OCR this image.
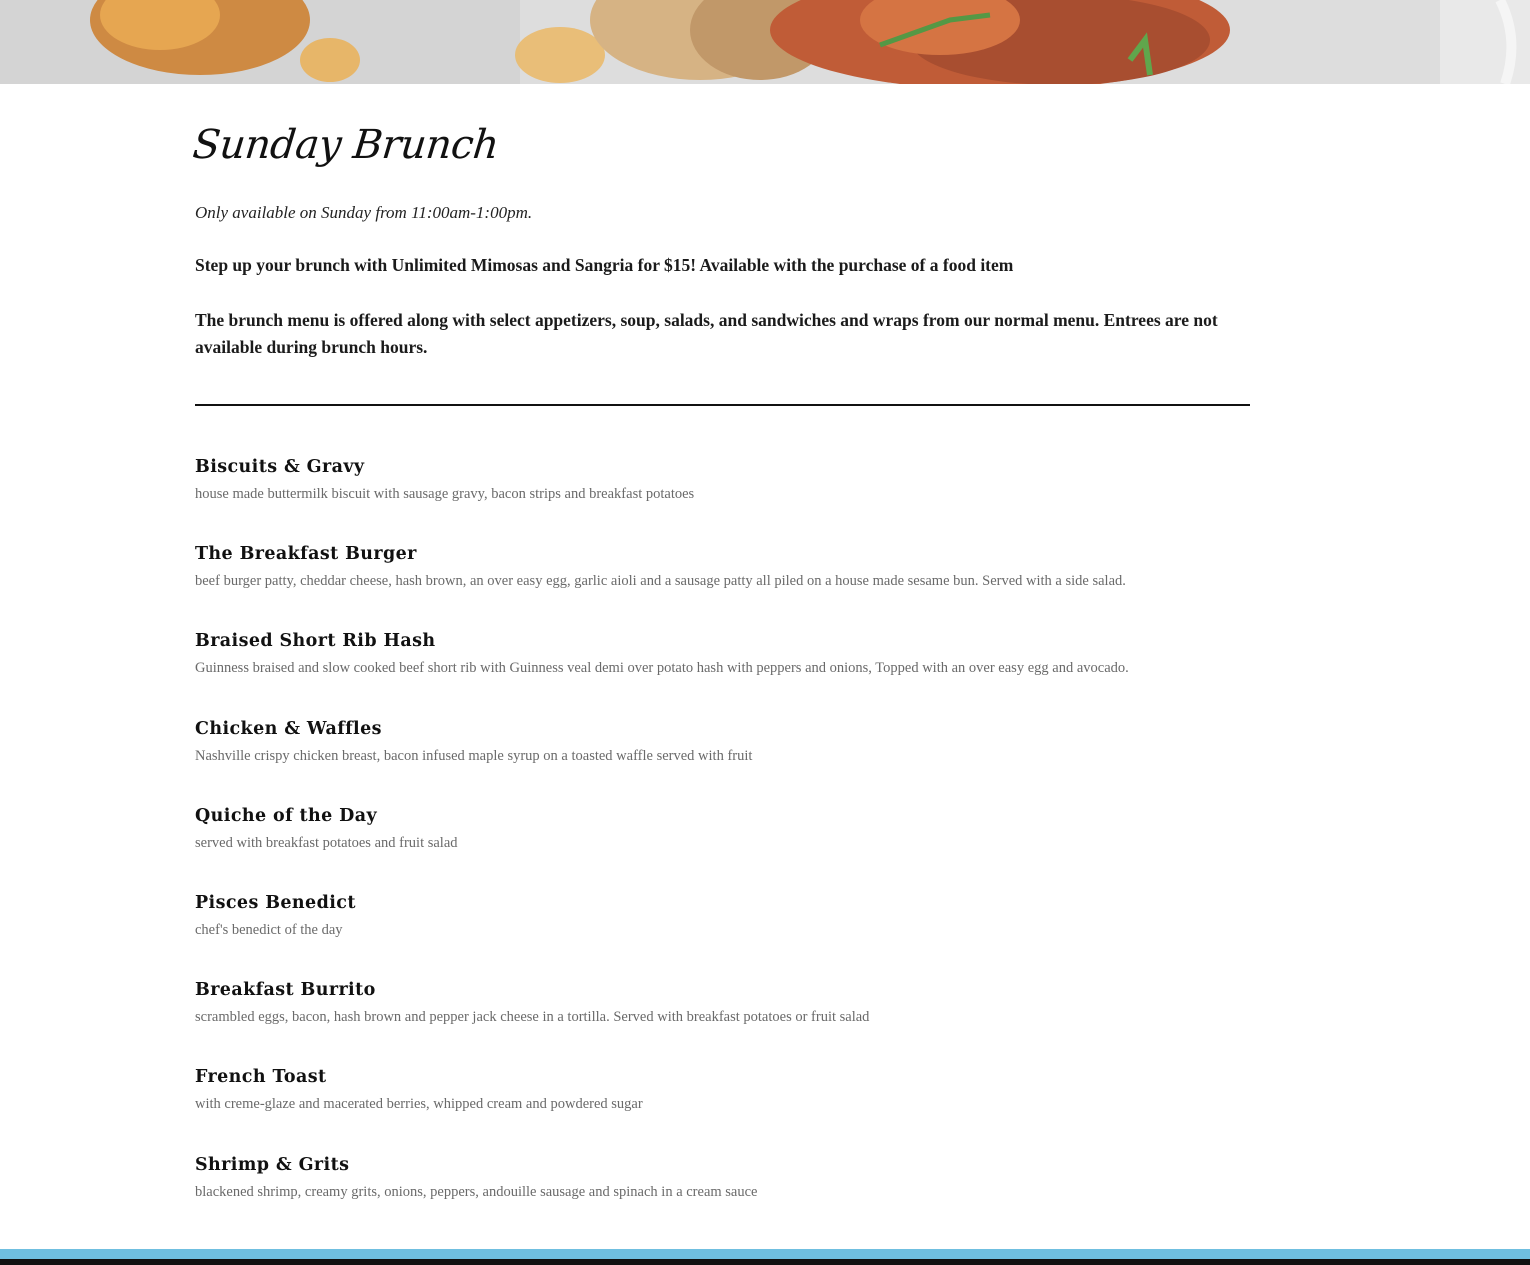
Sunday Brunch

Only available on Sunday from 11:00am-1:00pm.

Step up your brunch with Unlimited Mimosas and Sangria for $15! Available with the purchase of a food item

The brunch menu is offered along with select appetizers, soup, salads, and sandwiches and wraps from our normal menu. Entrees are not available during brunch hours.

Biscuits & Gravy
house made buttermilk biscuit with sausage gravy, bacon strips and breakfast potatoes
The Breakfast Burger
beef burger patty, cheddar cheese, hash brown, an over easy egg, garlic aioli and a sausage patty all piled on a house made sesame bun. Served with a side salad.
Braised Short Rib Hash
Guinness braised and slow cooked beef short rib with Guinness veal demi over potato hash with peppers and onions, Topped with an over easy egg and avocado.
Chicken & Waffles
Nashville crispy chicken breast, bacon infused maple syrup on a toasted waffle served with fruit
Quiche of the Day
served with breakfast potatoes and fruit salad
Pisces Benedict
chef's benedict of the day
Breakfast Burrito
scrambled eggs, bacon, hash brown and pepper jack cheese in a tortilla. Served with breakfast potatoes or fruit salad
French Toast
with creme-glaze and macerated berries, whipped cream and powdered sugar
Shrimp & Grits
blackened shrimp, creamy grits, onions, peppers, andouille sausage and spinach in a cream sauce
